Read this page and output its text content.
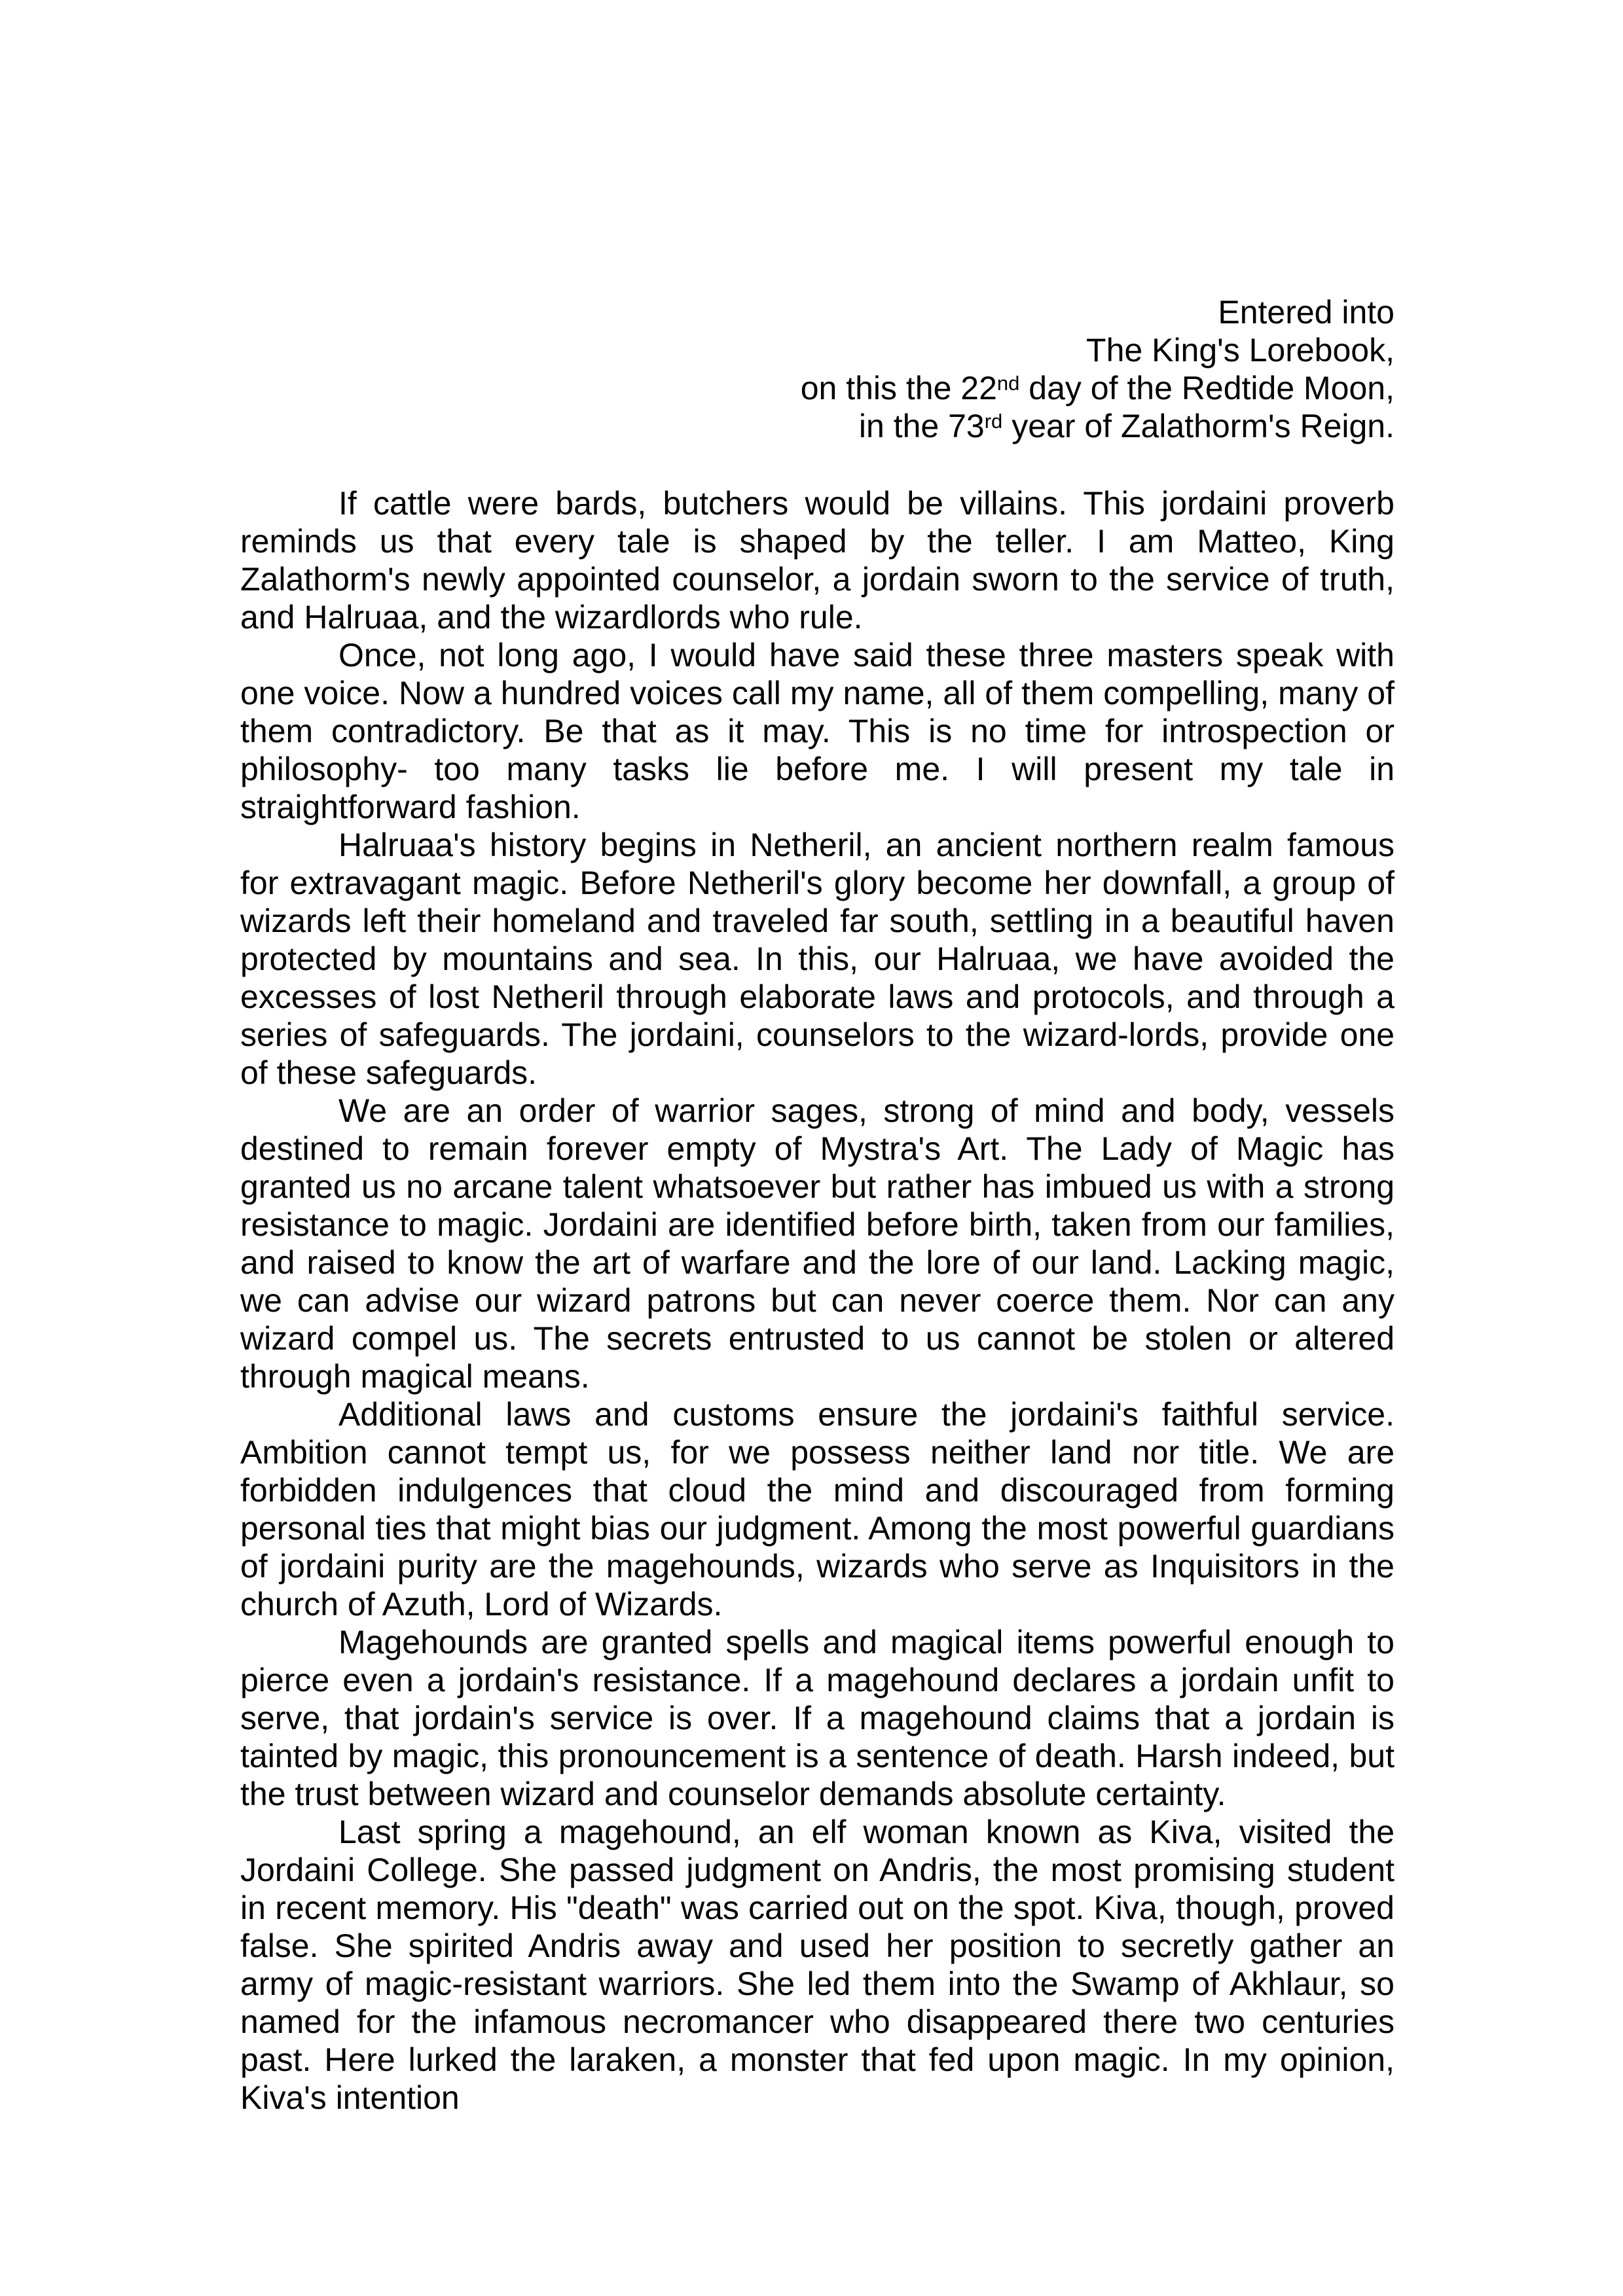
Entered into
The King's Lorebook,
on this the 22nd day of the Redtide Moon,
in the 73rd year of Zalathorm's Reign.

If cattle were bards, butchers would be villains. This jordaini proverb reminds us that every tale is shaped by the teller. I am Matteo, King Zalathorm's newly appointed counselor, a jordain sworn to the service of truth, and Halruaa, and the wizardlords who rule.

Once, not long ago, I would have said these three masters speak with one voice. Now a hundred voices call my name, all of them compelling, many of them contradictory. Be that as it may. This is no time for introspection or philosophy- too many tasks lie before me. I will present my tale in straightforward fashion.

Halruaa's history begins in Netheril, an ancient northern realm famous for extravagant magic. Before Netheril's glory become her downfall, a group of wizards left their homeland and traveled far south, settling in a beautiful haven protected by mountains and sea. In this, our Halruaa, we have avoided the excesses of lost Netheril through elaborate laws and protocols, and through a series of safeguards. The jordaini, counselors to the wizard-lords, provide one of these safeguards.

We are an order of warrior sages, strong of mind and body, vessels destined to remain forever empty of Mystra's Art. The Lady of Magic has granted us no arcane talent whatsoever but rather has imbued us with a strong resistance to magic. Jordaini are identified before birth, taken from our families, and raised to know the art of warfare and the lore of our land. Lacking magic, we can advise our wizard patrons but can never coerce them. Nor can any wizard compel us. The secrets entrusted to us cannot be stolen or altered through magical means.

Additional laws and customs ensure the jordaini's faithful service. Ambition cannot tempt us, for we possess neither land nor title. We are forbidden indulgences that cloud the mind and discouraged from forming personal ties that might bias our judgment. Among the most powerful guardians of jordaini purity are the magehounds, wizards who serve as Inquisitors in the church of Azuth, Lord of Wizards.

Magehounds are granted spells and magical items powerful enough to pierce even a jordain's resistance. If a magehound declares a jordain unfit to serve, that jordain's service is over. If a magehound claims that a jordain is tainted by magic, this pronouncement is a sentence of death. Harsh indeed, but the trust between wizard and counselor demands absolute certainty.

Last spring a magehound, an elf woman known as Kiva, visited the Jordaini College. She passed judgment on Andris, the most promising student in recent memory. His "death" was carried out on the spot. Kiva, though, proved false. She spirited Andris away and used her position to secretly gather an army of magic-resistant warriors. She led them into the Swamp of Akhlaur, so named for the infamous necromancer who disappeared there two centuries past. Here lurked the laraken, a monster that fed upon magic. In my opinion, Kiva's intention
